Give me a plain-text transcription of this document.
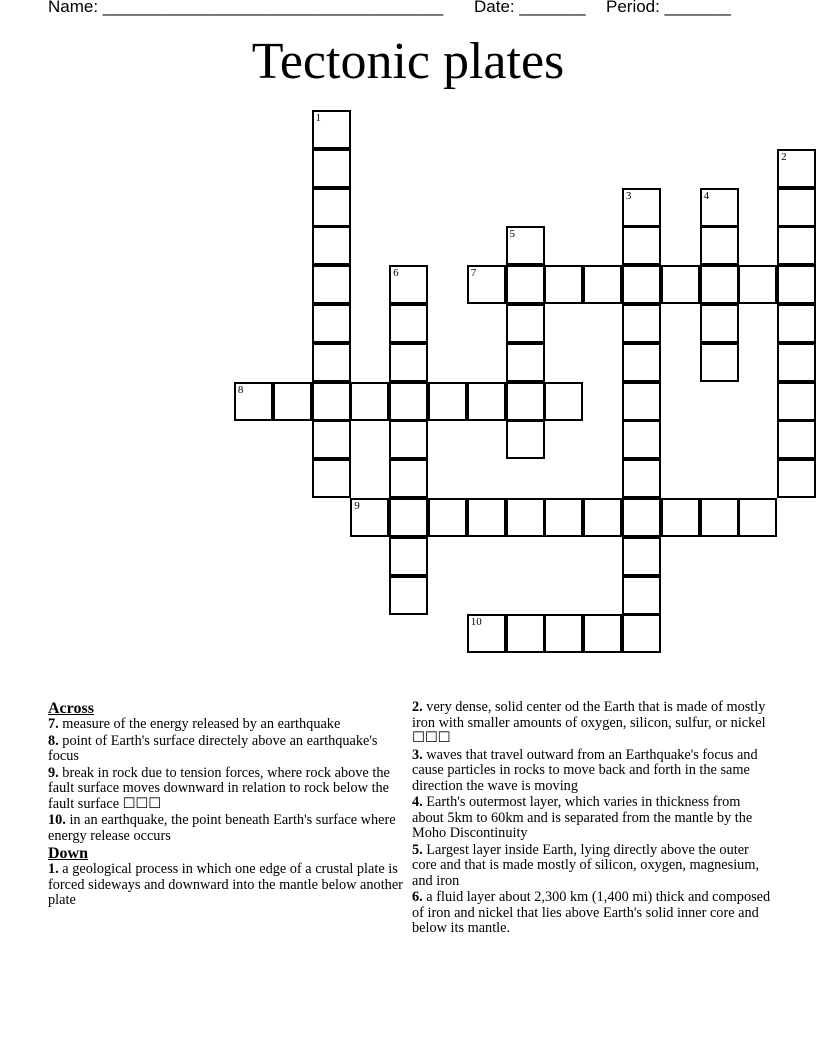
Name: ____________________________________ Date: _______ Period: _______
Tectonic plates
1
2
3	4
5
6	7
8
9
10
Across
7. measure of the energy released by an earthquake
8. point of Earth's surface directely above an earthquake's focus
9. break in rock due to tension forces, where rock above the fault surface moves downward in relation to rock below the fault surface ☐☐☐
10. in an earthquake, the point beneath Earth's surface where energy release occurs
Down
1. a geological process in which one edge of a crustal plate is forced sideways and downward into the mantle below another plate
2. very dense, solid center od the Earth that is made of mostly iron with smaller amounts of oxygen, silicon, sulfur, or nickel ☐☐☐
3. waves that travel outward from an Earthquake's focus and cause particles in rocks to move back and forth in the same direction the wave is moving
4. Earth's outermost layer, which varies in thickness from about 5km to 60km and is separated from the mantle by the Moho Discontinuity
5. Largest layer inside Earth, lying directly above the outer core and that is made mostly of silicon, oxygen, magnesium, and iron
6. a fluid layer about 2,300 km (1,400 mi) thick and composed of iron and nickel that lies above Earth's solid inner core and below its mantle.
